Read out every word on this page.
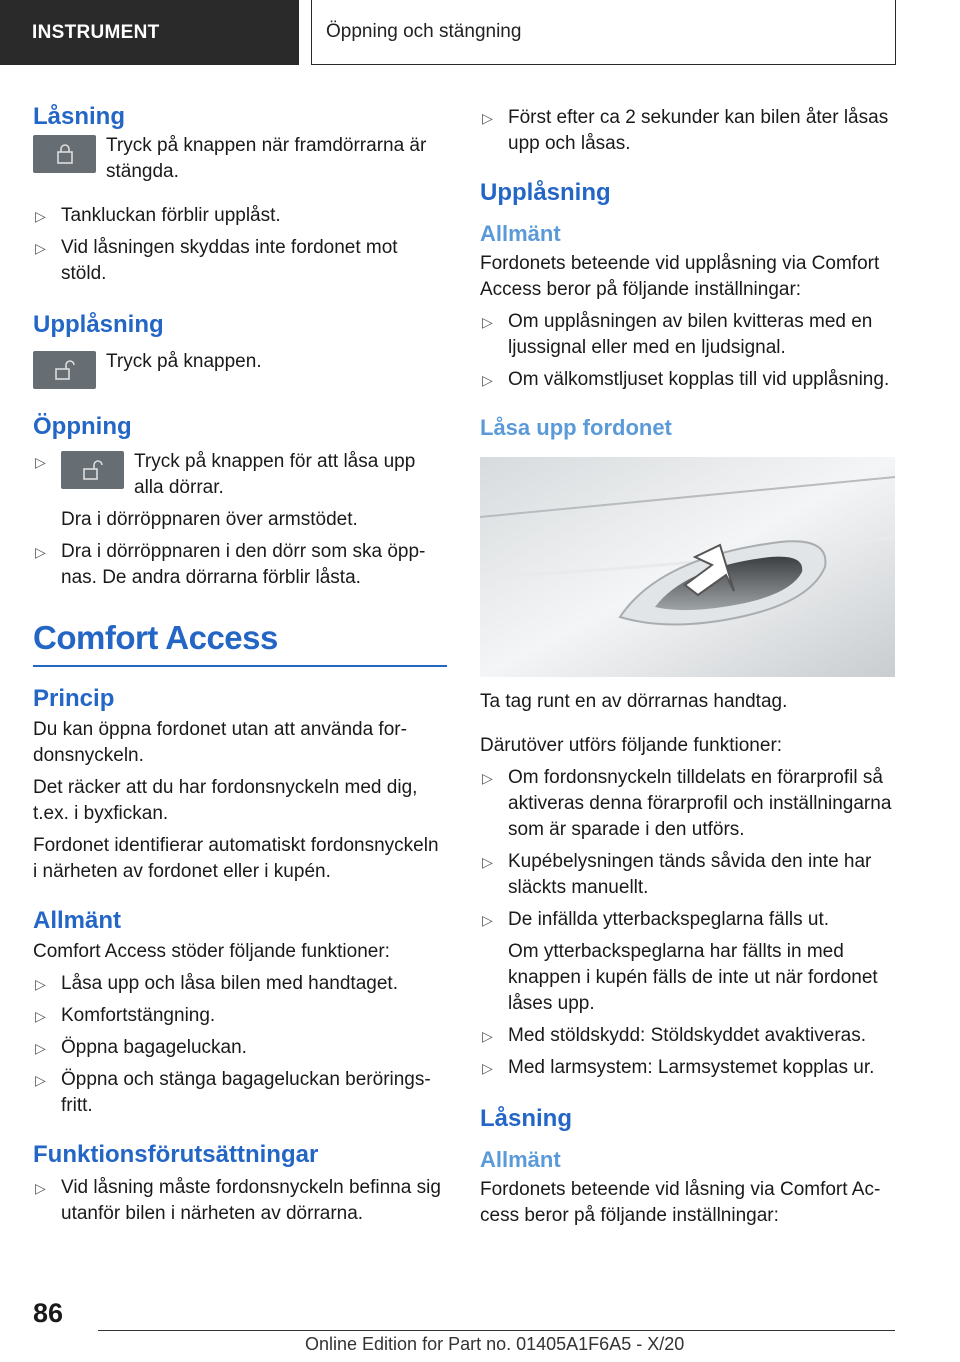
INSTRUMENT	Öppning och stängning
Låsning

Tryck på knappen när framdörrarna är stängda.

▷ Tankluckan förblir upplåst.
▷ Vid låsningen skyddas inte fordonet mot stöld.
Upplåsning

Tryck på knappen.

Öppning
▷	Tryck på knappen för att låsa upp alla dörrar.

Dra i dörröppnaren över armstödet.

▷ Dra i dörröppnaren i den dörr som ska öpp-nas. De andra dörrarna förblir låsta.
Comfort Access
Princip

Du kan öppna fordonet utan att använda for-donsnyckeln.

Det räcker att du har fordonsnyckeln med dig, t.ex. i byxfickan.

Fordonet identifierar automatiskt fordonsnyckeln i närheten av fordonet eller i kupén.

Allmänt

Comfort Access stöder följande funktioner:

▷ Låsa upp och låsa bilen med handtaget.
▷ Komfortstängning.
▷ Öppna bagageluckan.
▷ Öppna och stänga bagageluckan berörings-fritt.
Funktionsförutsättningar
▷ Vid låsning måste fordonsnyckeln befinna sig utanför bilen i närheten av dörrarna.
▷ Först efter ca 2 sekunder kan bilen åter låsas upp och låsas.
Upplåsning
Allmänt

Fordonets beteende vid upplåsning via Comfort Access beror på följande inställningar:

▷ Om upplåsningen av bilen kvitteras med en ljussignal eller med en ljudsignal.
▷ Om välkomstljuset kopplas till vid upplåsning.
Låsa upp fordonet

Ta tag runt en av dörrarnas handtag.

Därutöver utförs följande funktioner:

▷ Om fordonsnyckeln tilldelats en förarprofil så aktiveras denna förarprofil och inställningarna som är sparade i den utförs.
▷ Kupébelysningen tänds såvida den inte har släckts manuellt.
▷ De infällda ytterbackspeglarna fälls ut.

Om ytterbackspeglarna har fällts in med knappen i kupén fälls de inte ut när fordonet låses upp.

▷ Med stöldskydd: Stöldskyddet avaktiveras.
▷ Med larmsystem: Larmsystemet kopplas ur.
Låsning
Allmänt

Fordonets beteende vid låsning via Comfort Ac-cess beror på följande inställningar:

86
Online Edition for Part no. 01405A1F6A5 - X/20
